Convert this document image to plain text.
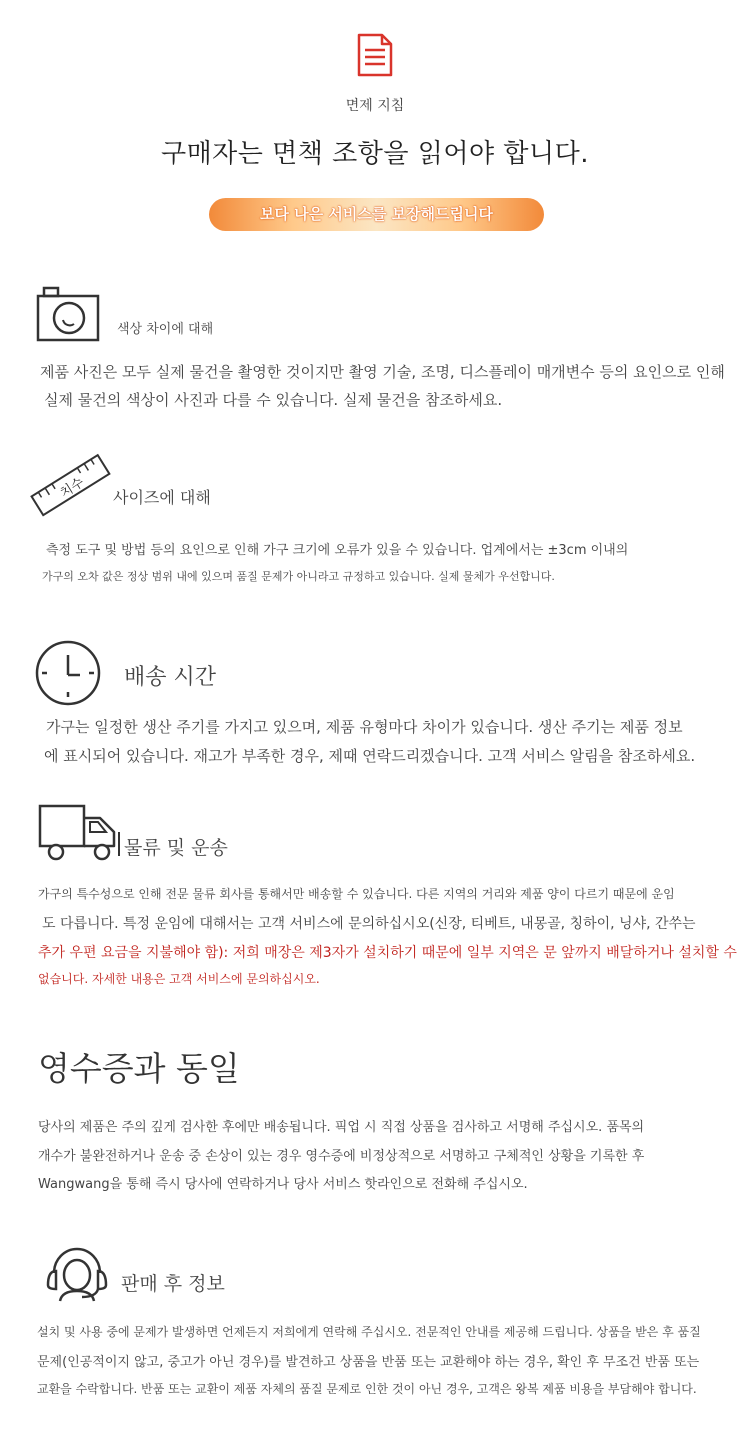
면제 지침
구매자는 면책 조항을 읽어야 합니다.
보다 나은 서비스를 보장해드립니다
색상 차이에 대해
제품 사진은 모두 실제 물건을 촬영한 것이지만 촬영 기술, 조명, 디스플레이 매개변수 등의 요인으로 인해
실제 물건의 색상이 사진과 다를 수 있습니다. 실제 물건을 참조하세요.
치수 사이즈에 대해
측정 도구 및 방법 등의 요인으로 인해 가구 크기에 오류가 있을 수 있습니다. 업계에서는 ±3cm 이내의
가구의 오차 값은 정상 범위 내에 있으며 품질 문제가 아니라고 규정하고 있습니다. 실제 물체가 우선합니다.
배송 시간
가구는 일정한 생산 주기를 가지고 있으며, 제품 유형마다 차이가 있습니다. 생산 주기는 제품 정보
에 표시되어 있습니다. 재고가 부족한 경우, 제때 연락드리겠습니다. 고객 서비스 알림을 참조하세요.
물류 및 운송
가구의 특수성으로 인해 전문 물류 회사를 통해서만 배송할 수 있습니다. 다른 지역의 거리와 제품 양이 다르기 때문에 운임
도 다릅니다. 특정 운임에 대해서는 고객 서비스에 문의하십시오(신장, 티베트, 내몽골, 칭하이, 닝샤, 간쑤는
추가 우편 요금을 지불해야 함): 저희 매장은 제3자가 설치하기 때문에 일부 지역은 문 앞까지 배달하거나 설치할 수
없습니다. 자세한 내용은 고객 서비스에 문의하십시오.
영수증과 동일
당사의 제품은 주의 깊게 검사한 후에만 배송됩니다. 픽업 시 직접 상품을 검사하고 서명해 주십시오. 품목의
개수가 불완전하거나 운송 중 손상이 있는 경우 영수증에 비정상적으로 서명하고 구체적인 상황을 기록한 후
Wangwang을 통해 즉시 당사에 연락하거나 당사 서비스 핫라인으로 전화해 주십시오.
판매 후 정보
설치 및 사용 중에 문제가 발생하면 언제든지 저희에게 연락해 주십시오. 전문적인 안내를 제공해 드립니다. 상품을 받은 후 품질
문제(인공적이지 않고, 중고가 아닌 경우)를 발견하고 상품을 반품 또는 교환해야 하는 경우, 확인 후 무조건 반품 또는
교환을 수락합니다. 반품 또는 교환이 제품 자체의 품질 문제로 인한 것이 아닌 경우, 고객은 왕복 제품 비용을 부담해야 합니다.
